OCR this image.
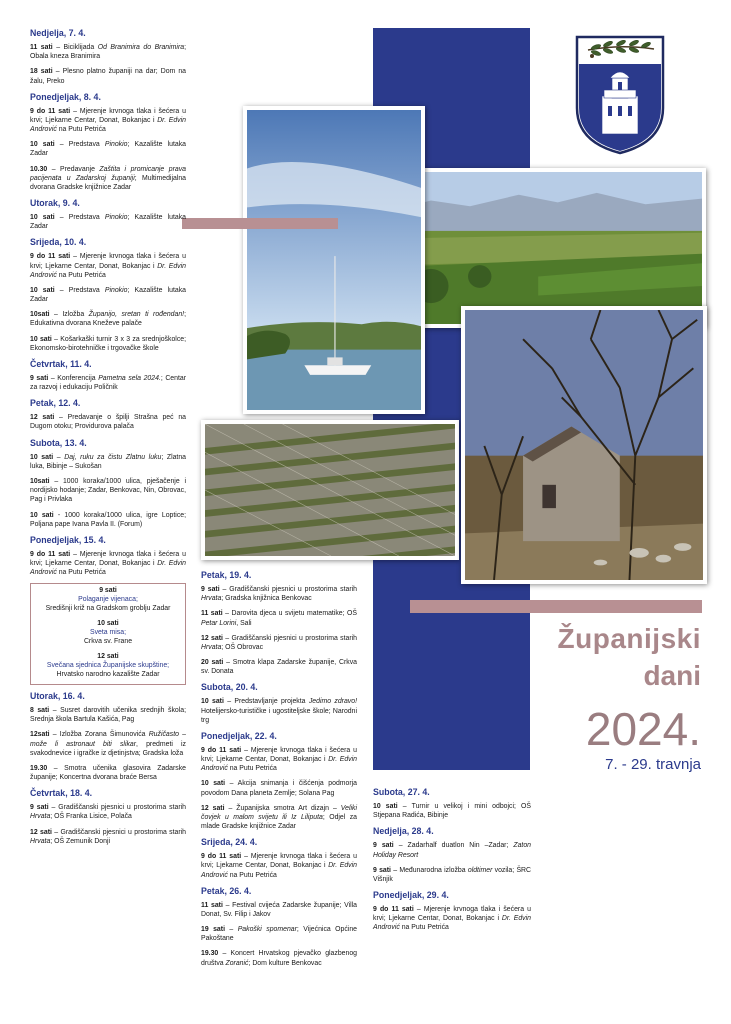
Županijski
dani
2024.
7. - 29. travnja
Nedjelja, 7. 4.

11 sati – Biciklijada Od Branimira do Branimira; Obala kneza Branimira

18 sati – Plesno platno županiji na dar; Dom na žalu, Preko

Ponedjeljak, 8. 4.

9 do 11 sati – Mjerenje krvnoga tlaka i šećera u krvi; Ljekarne Centar, Donat, Bokanjac i Dr. Edvin Andrović na Putu Petrića

10 sati – Predstava Pinokio; Kazalište lutaka Zadar

10.30 – Predavanje Zaštita i promicanje prava pacijenata u Zadarskoj županiji; Multimedijalna dvorana Gradske knjižnice Zadar

Utorak, 9. 4.

10 sati – Predstava Pinokio; Kazalište lutaka Zadar

Srijeda, 10. 4.

9 do 11 sati – Mjerenje krvnoga tlaka i šećera u krvi; Ljekarne Centar, Donat, Bokanjac i Dr. Edvin Andrović na Putu Petrića

10 sati – Predstava Pinokio; Kazalište lutaka Zadar

10sati – Izložba Županijo, sretan ti rođendan!; Edukativna dvorana Kneževe palače

10 sati – Košarkaški turnir 3 x 3 za srednjoškolce; Ekonomsko-birotehničke i trgovačke škole

Četvrtak, 11. 4.

9 sati – Konferencija Pametna sela 2024.; Centar za razvoj i edukaciju Poličnik

Petak, 12. 4.

12 sati – Predavanje o špilji Strašna peć na Dugom otoku; Providurova palača

Subota, 13. 4.

10 sati – Daj, ruku za čistu Zlatnu luku; Zlatna luka, Bibinje – Sukošan

10sati – 1000 koraka/1000 ulica, pješačenje i nordijsko hodanje; Zadar, Benkovac, Nin, Obrovac, Pag i Privlaka

10 sati - 1000 koraka/1000 ulica, igre Loptice; Poljana pape Ivana Pavla II. (Forum)

Ponedjeljak, 15. 4.

9 do 11 sati – Mjerenje krvnoga tlaka i šećera u krvi; Ljekarne Centar, Donat, Bokanjac i Dr. Edvin Andrović na Putu Petrića

9 sati
Polaganje vijenaca;
Središnji križ na Gradskom groblju Zadar
10 sati
Sveta misa;
Crkva sv. Frane
12 sati
Svečana sjednica Županijske skupštine;
Hrvatsko narodno kazalište Zadar
Utorak, 16. 4.

8 sati – Susret darovitih učenika srednjih škola; Srednja škola Bartula Kašića, Pag

12sati – Izložba Zorana Šimunovića Ružičasto – može li astronaut biti slikar, predmeti iz svakodnevice i igračke iz djetinjstva; Gradska loža

19.30 – Smotra učenika glasovira Zadarske županije; Koncertna dvorana braće Bersa

Četvrtak, 18. 4.

9 sati – Gradiščanski pjesnici u prostorima starih Hrvata; OŠ Franka Lisice, Polača

12 sati – Gradiščanski pjesnici u prostorima starih Hrvata; OŠ Zemunik Donji

Petak, 19. 4.

9 sati – Gradiščanski pjesnici u prostorima starih Hrvata; Gradska knjižnica Benkovac

11 sati – Darovita djeca u svijetu matematike; OŠ Petar Lorini, Sali

12 sati – Gradiščanski pjesnici u prostorima starih Hrvata; OŠ Obrovac

20 sati – Smotra klapa Zadarske županije, Crkva sv. Donata

Subota, 20. 4.

10 sati – Predstavljanje projekta Jedimo zdravo! Hotelijersko-turističke i ugostiteljske škole; Narodni trg

Ponedjeljak, 22. 4.

9 do 11 sati – Mjerenje krvnoga tlaka i šećera u krvi; Ljekarne Centar, Donat, Bokanjac i Dr. Edvin Andrović na Putu Petrića

10 sati – Akcija snimanja i čišćenja podmorja povodom Dana planeta Zemlje; Solana Pag

12 sati – Županijska smotra Art dizajn – Veliki čovjek u malom svijetu ili Iz Liliputa; Odjel za mlade Gradske knjižnice Zadar

Srijeda, 24. 4.

9 do 11 sati – Mjerenje krvnoga tlaka i šećera u krvi; Ljekarne Centar, Donat, Bokanjac i Dr. Edvin Andrović na Putu Petrića

Petak, 26. 4.

11 sati – Festival cvijeća Zadarske županije; Villa Donat, Sv. Filip i Jakov

19 sati – Pakoški spomenar; Vijećnica Općine Pakoštane

19.30 – Koncert Hrvatskog pjevačko glazbenog društva Zoranić; Dom kulture Benkovac

Subota, 27. 4.

10 sati – Turnir u velikoj i mini odbojci; OŠ Stjepana Radića, Bibinje

Nedjelja, 28. 4.

9 sati – Zadarhalf duatlon Nin –Zadar; Zaton Holiday Resort

9 sati – Međunarodna izložba oldtimer vozila; ŠRC Višnjik

Ponedjeljak, 29. 4.

9 do 11 sati – Mjerenje krvnoga tlaka i šećera u krvi; Ljekarne Centar, Donat, Bokanjac i Dr. Edvin Andrović na Putu Petrića
